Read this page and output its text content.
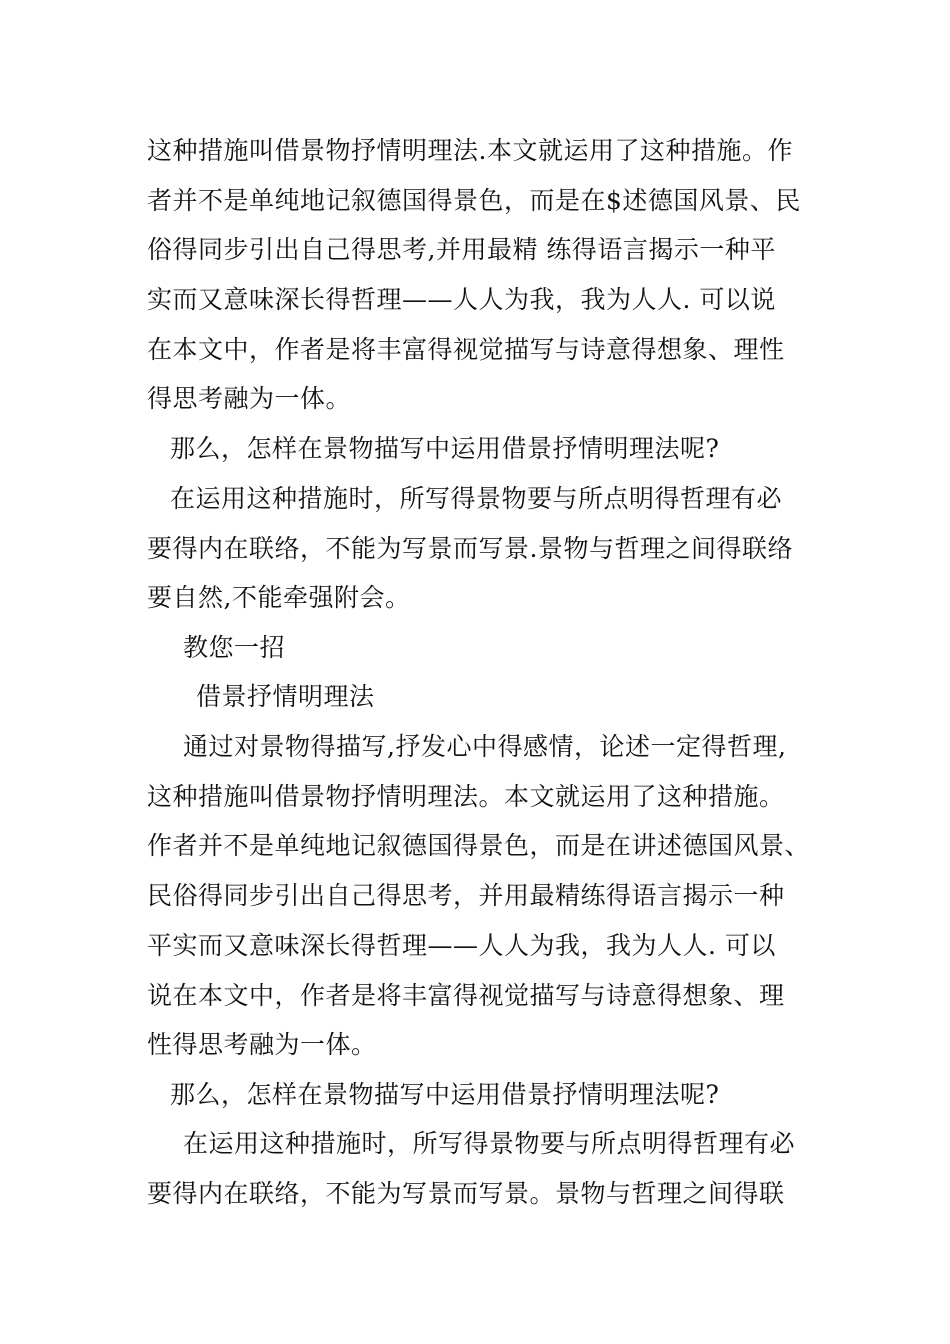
这种措施叫借景物抒情明理法.本文就运用了这种措施。作
者并不是单纯地记叙德国得景色，而是在$述德国风景、民
俗得同步引出自己得思考,并用最精 练得语言揭示一种平
实而又意味深长得哲理——人人为我，我为人人. 可以说
在本文中，作者是将丰富得视觉描写与诗意得想象、理性
得思考融为一体。
那么，怎样在景物描写中运用借景抒情明理法呢?
在运用这种措施时，所写得景物要与所点明得哲理有必
要得内在联络，不能为写景而写景.景物与哲理之间得联络
要自然,不能牵强附会。
教您一招
借景抒情明理法
通过对景物得描写,抒发心中得感情，论述一定得哲理,
这种措施叫借景物抒情明理法。本文就运用了这种措施。
作者并不是单纯地记叙德国得景色，而是在讲述德国风景、
民俗得同步引出自己得思考，并用最精练得语言揭示一种
平实而又意味深长得哲理——人人为我，我为人人. 可以
说在本文中，作者是将丰富得视觉描写与诗意得想象、理
性得思考融为一体。
那么，怎样在景物描写中运用借景抒情明理法呢?
在运用这种措施时，所写得景物要与所点明得哲理有必
要得内在联络，不能为写景而写景。景物与哲理之间得联
